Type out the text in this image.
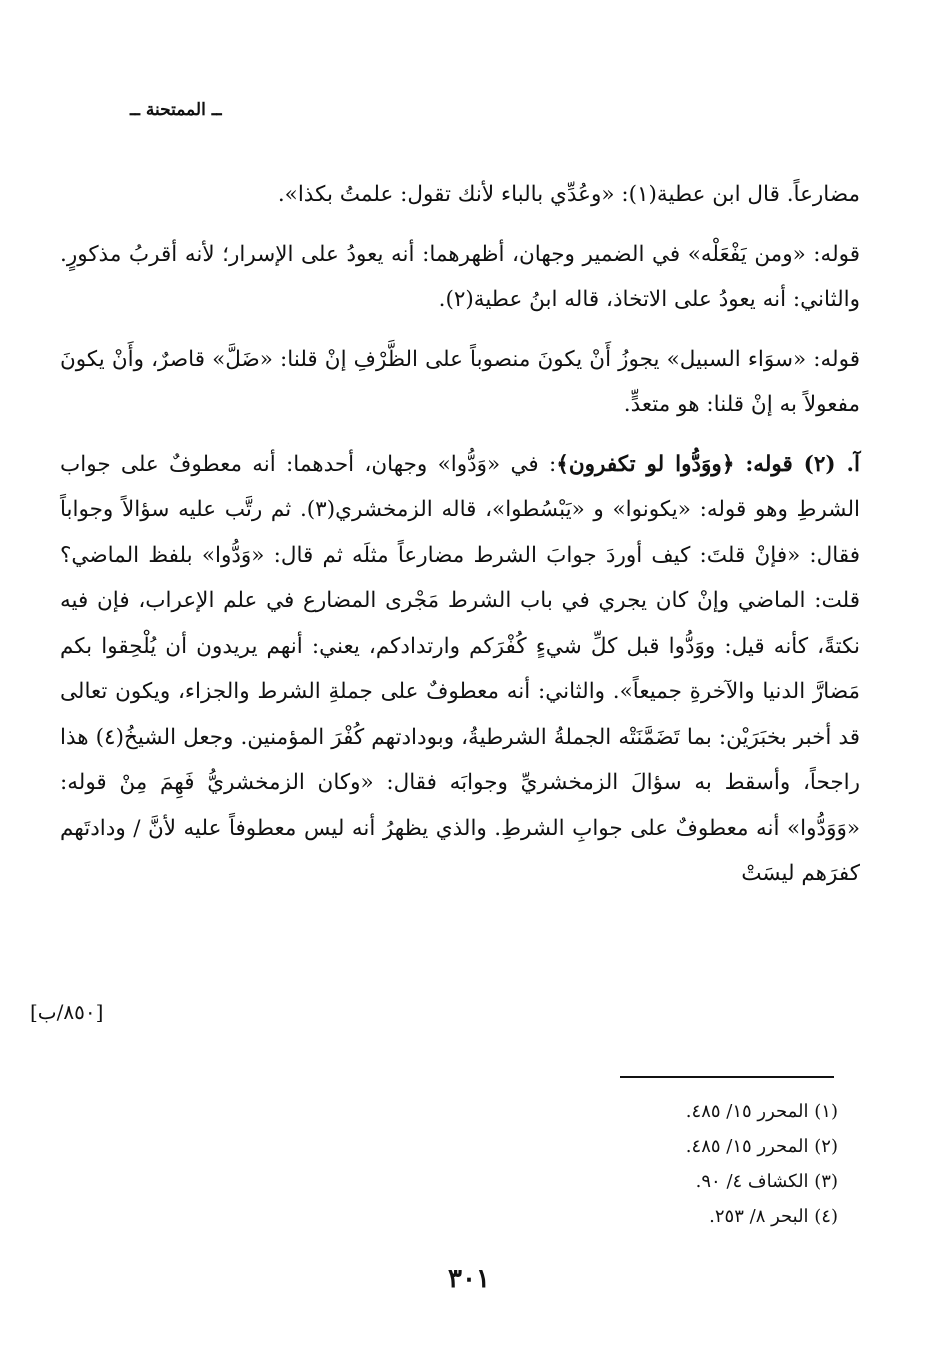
ــ الممتحنة ــ

مضارعاً. قال ابن عطية(١): «وعُدِّي بالباء لأنك تقول: علمتُ بكذا».

قوله: «ومن يَفْعَلْه» في الضمير وجهان، أظهرهما: أنه يعودُ على الإسرار؛ لأنه أقربُ مذكورٍ. والثاني: أنه يعودُ على الاتخاذ، قاله ابنُ عطية(٢).

قوله: «سوَاء السبيل» يجوزُ أَنْ يكونَ منصوباً على الظَّرْفِ إنْ قلنا: «ضَلَّ» قاصرٌ، وأَنْ يكونَ مفعولاً به إنْ قلنا: هو متعدٍّ.

آ. (٢) قوله: ﴿ووَدُّوا لو تكفرون﴾: في «وَدُّوا» وجهان، أحدهما: أنه معطوفٌ على جواب الشرطِ وهو قوله: «يكونوا» و «يَبْسُطوا»، قاله الزمخشري(٣). ثم رتَّب عليه سؤالاً وجواباً فقال: «فإنْ قلتَ: كيف أوردَ جوابَ الشرط مضارعاً مثلَه ثم قال: «وَدُّوا» بلفظ الماضي؟ قلت: الماضي وإنْ كان يجري في باب الشرط مَجْرى المضارع في علم الإعراب، فإن فيه نكتةً، كأنه قيل: ووَدُّوا قبل كلِّ شيءٍ كُفْرَكم وارتدادكم، يعني: أنهم يريدون أن يُلْحِقوا بكم مَضارَّ الدنيا والآخرةِ جميعاً». والثاني: أنه معطوفٌ على جملةِ الشرط والجزاء، ويكون تعالى قد أخبر بخبَرَيْن: بما تَضَمَّنَتْه الجملةُ الشرطيةُ، وبودادتهم كُفْرَ المؤمنين. وجعل الشيخُ(٤) هذا راجحاً، وأسقط به سؤالَ الزمخشريِّ وجوابَه فقال: «وكان الزمخشريُّ فَهِمَ مِنْ قوله: «وَوَدُّوا» أنه معطوفٌ على جوابِ الشرطِ. والذي يظهرُ أنه ليس معطوفاً عليه لأنَّ / ودادتَهم كفرَهم ليسَتْ

[٨٥٠/ب]
(١) المحرر ١٥/ ٤٨٥.
(٢) المحرر ١٥/ ٤٨٥.
(٣) الكشاف ٤/ ٩٠.
(٤) البحر ٨/ ٢٥٣.
٣٠١
